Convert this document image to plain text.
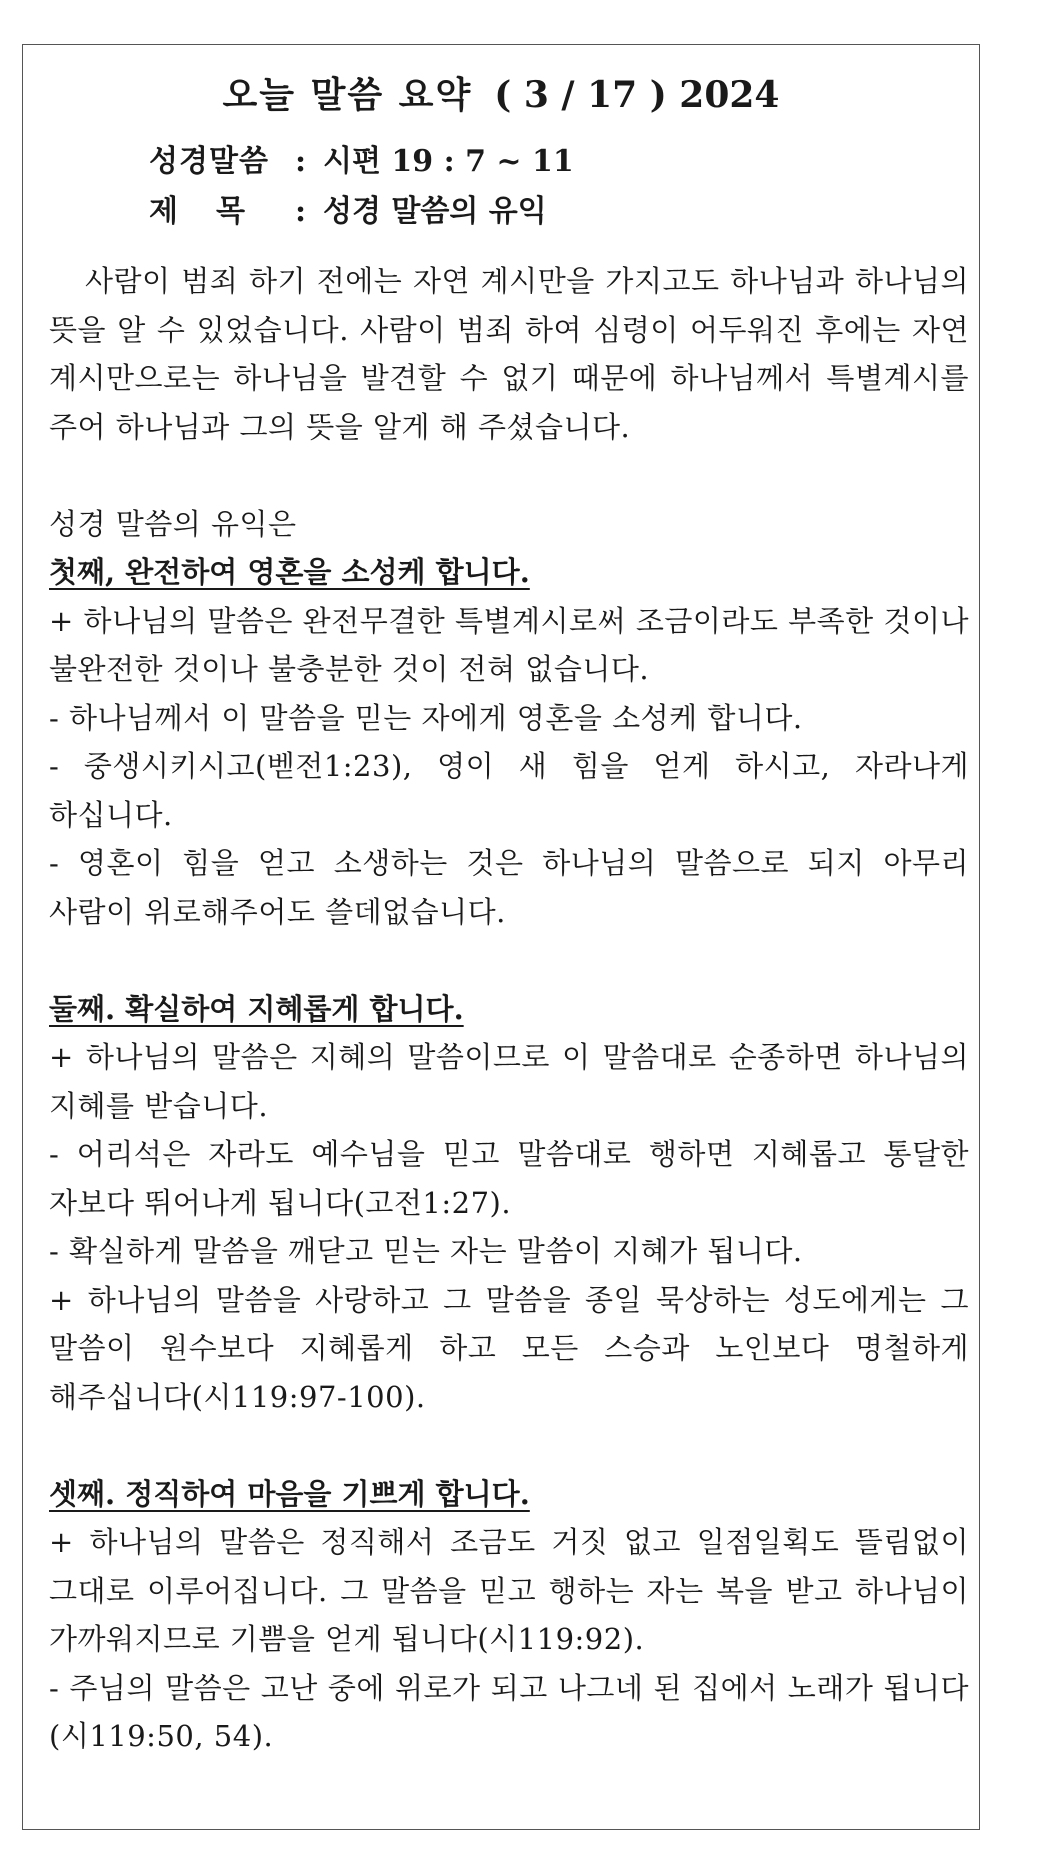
오늘 말씀 요약 ( 3 / 17 ) 2024
성경말씀 : 시편 19 : 7 ~ 11
제목 : 성경 말씀의 유익
사람이 범죄 하기 전에는 자연 계시만을 가지고도 하나님과 하나님의 뜻을 알 수 있었습니다. 사람이 범죄 하여 심령이 어두워진 후에는 자연 계시만으로는 하나님을 발견할 수 없기 때문에 하나님께서 특별계시를 주어 하나님과 그의 뜻을 알게 해 주셨습니다.
성경 말씀의 유익은
첫째, 완전하여 영혼을 소성케 합니다.
+ 하나님의 말씀은 완전무결한 특별계시로써 조금이라도 부족한 것이나 불완전한 것이나 불충분한 것이 전혀 없습니다.
- 하나님께서 이 말씀을 믿는 자에게 영혼을 소성케 합니다.
- 중생시키시고(벧전1:23), 영이 새 힘을 얻게 하시고, 자라나게 하십니다.
- 영혼이 힘을 얻고 소생하는 것은 하나님의 말씀으로 되지 아무리 사람이 위로해주어도 쓸데없습니다.
둘째. 확실하여 지혜롭게 합니다.
+ 하나님의 말씀은 지혜의 말씀이므로 이 말씀대로 순종하면 하나님의 지혜를 받습니다.
- 어리석은 자라도 예수님을 믿고 말씀대로 행하면 지혜롭고 통달한 자보다 뛰어나게 됩니다(고전1:27).
- 확실하게 말씀을 깨닫고 믿는 자는 말씀이 지혜가 됩니다.
+ 하나님의 말씀을 사랑하고 그 말씀을 종일 묵상하는 성도에게는 그 말씀이 원수보다 지혜롭게 하고 모든 스승과 노인보다 명철하게 해주십니다(시119:97-100).
셋째. 정직하여 마음을 기쁘게 합니다.
+ 하나님의 말씀은 정직해서 조금도 거짓 없고 일점일획도 뜰림없이 그대로 이루어집니다. 그 말씀을 믿고 행하는 자는 복을 받고 하나님이 가까워지므로 기쁨을 얻게 됩니다(시119:92).
- 주님의 말씀은 고난 중에 위로가 되고 나그네 된 집에서 노래가 됩니다(시119:50, 54).
